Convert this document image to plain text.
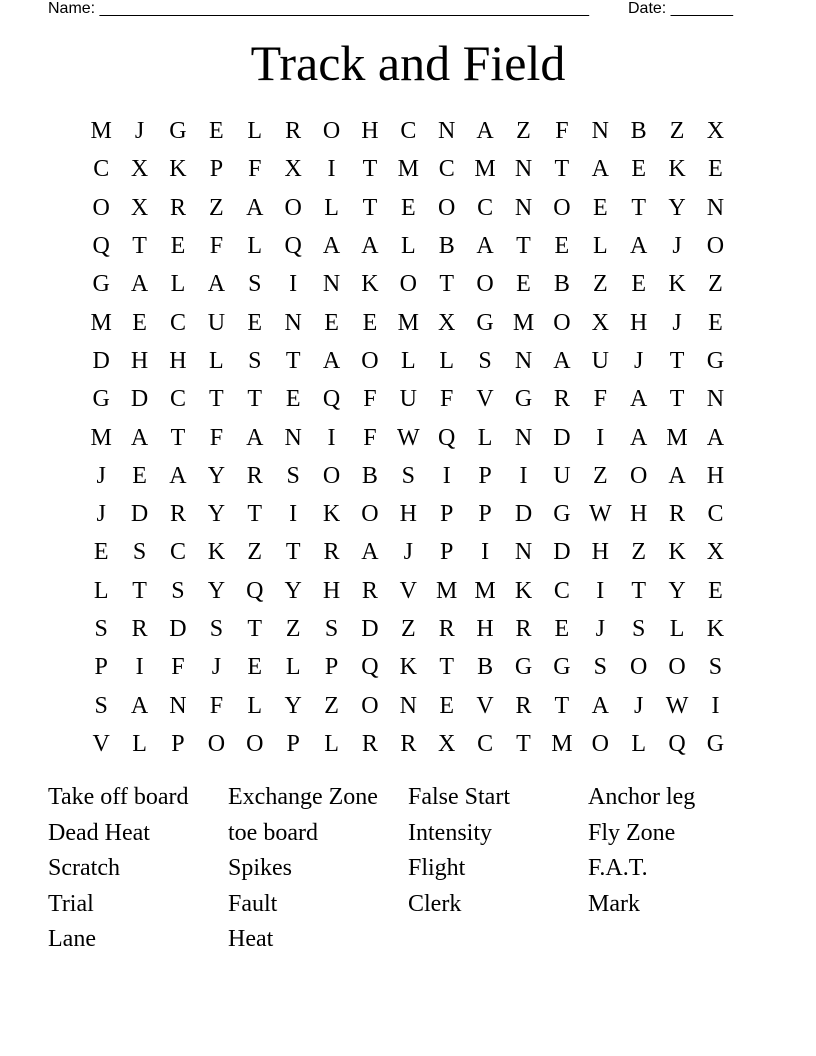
Name: _______________________________________________________ Date: _______
Track and Field
M J	G E L R O H C N A Z	F N B Z X
C X K P	F X	I	T M C M N T A E K E
O X R Z A O L T E O C N O E T Y N
Q T E	F	L Q A A L B A T E L A	J	O
G A L A S	I	N K O T O E B Z E K Z
M E C U E N E E M X G M O X H	J	E
D H H L	S	T A O L L	S N A U	J	T G
G D C T T E Q F U F V G R F A T N
M A T	F A N	I	F W Q L N D	I	A M A
J	E A Y R S O B S	I	P	I	U Z O A H
J	D R Y T	I	K O H P	P D G W H R C
E	S C K Z T R A	J	P	I	N D H Z K X
L T	S Y Q Y H R V M M K C	I	T Y E
S R D S	T Z	S D Z R H R E	J	S	L K
P	I	F	J	E L	P Q K T B G G S O O S
S A N F	L Y Z O N E V R T A	J W I
V L	P O O P	L R R X C T M O L Q G
Take off board	Exchange Zone	False Start	Anchor leg
Dead Heat	toe board	Intensity	Fly Zone
Scratch	Spikes	Flight	F.A.T.
Trial	Fault	Clerk	Mark
Lane	Heat
